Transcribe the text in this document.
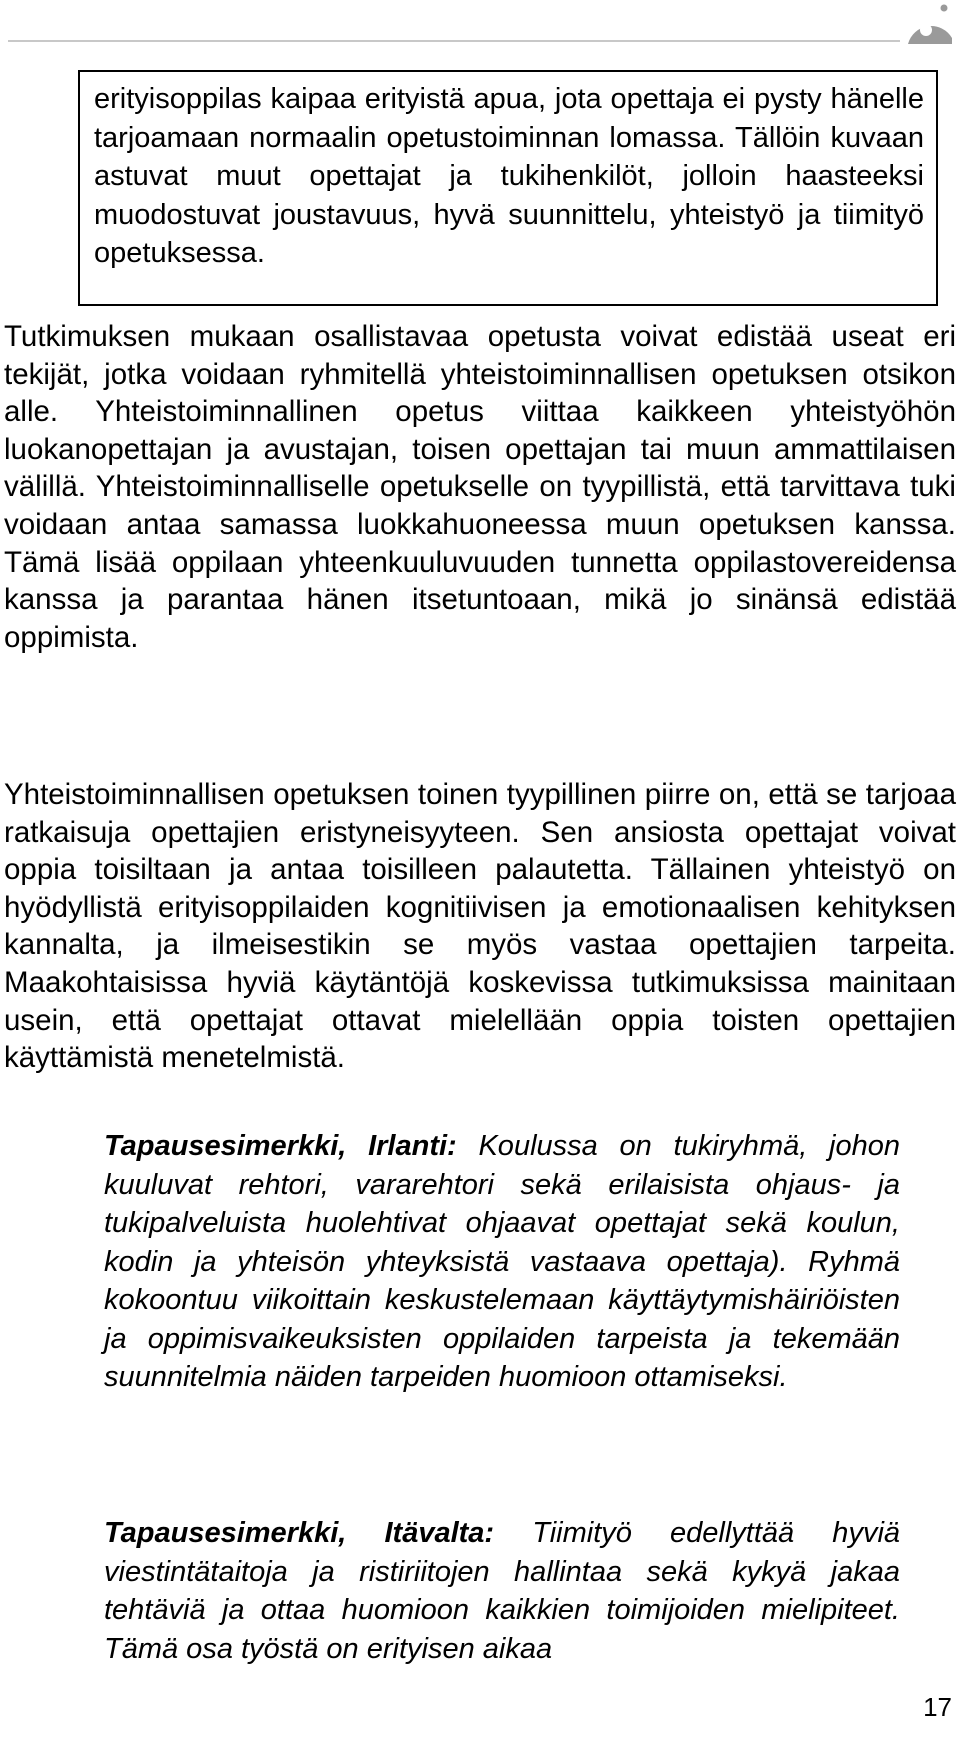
erityisoppilas kaipaa erityistä apua, jota opettaja ei pysty hänelle tarjoamaan normaalin opetustoiminnan lomassa. Tällöin kuvaan astuvat muut opettajat ja tukihenkilöt, jolloin haasteeksi muodostuvat joustavuus, hyvä suunnittelu, yhteistyö ja tiimityö opetuksessa.

Tutkimuksen mukaan osallistavaa opetusta voivat edistää useat eri tekijät, jotka voidaan ryhmitellä yhteistoiminnallisen opetuksen otsikon alle. Yhteistoiminnallinen opetus viittaa kaikkeen yhteistyöhön luokanopettajan ja avustajan, toisen opettajan tai muun ammattilaisen välillä. Yhteistoiminnalliselle opetukselle on tyypillistä, että tarvittava tuki voidaan antaa samassa luokkahuoneessa muun opetuksen kanssa. Tämä lisää oppilaan yhteenkuuluvuuden tunnetta oppilastovereidensa kanssa ja parantaa hänen itsetuntoaan, mikä jo sinänsä edistää oppimista.

Yhteistoiminnallisen opetuksen toinen tyypillinen piirre on, että se tarjoaa ratkaisuja opettajien eristyneisyyteen. Sen ansiosta opettajat voivat oppia toisiltaan ja antaa toisilleen palautetta. Tällainen yhteistyö on hyödyllistä erityisoppilaiden kognitiivisen ja emotionaalisen kehityksen kannalta, ja ilmeisestikin se myös vastaa opettajien tarpeita. Maakohtaisissa hyviä käytäntöjä koskevissa tutkimuksissa mainitaan usein, että opettajat ottavat mielellään oppia toisten opettajien käyttämistä menetelmistä.

Tapausesimerkki, Irlanti: Koulussa on tukiryhmä, johon kuuluvat rehtori, vararehtori sekä erilaisista ohjaus- ja tukipalveluista huolehtivat ohjaavat opettajat sekä koulun, kodin ja yhteisön yhteyksistä vastaava opettaja). Ryhmä kokoontuu viikoittain keskustelemaan käyttäytymishäiriöisten ja oppimisvaikeuksisten oppilaiden tarpeista ja tekemään suunnitelmia näiden tarpeiden huomioon ottamiseksi.

Tapausesimerkki, Itävalta: Tiimityö edellyttää hyviä viestintätaitoja ja ristiriitojen hallintaa sekä kykyä jakaa tehtäviä ja ottaa huomioon kaikkien toimijoiden mielipiteet. Tämä osa työstä on erityisen aikaa

17
